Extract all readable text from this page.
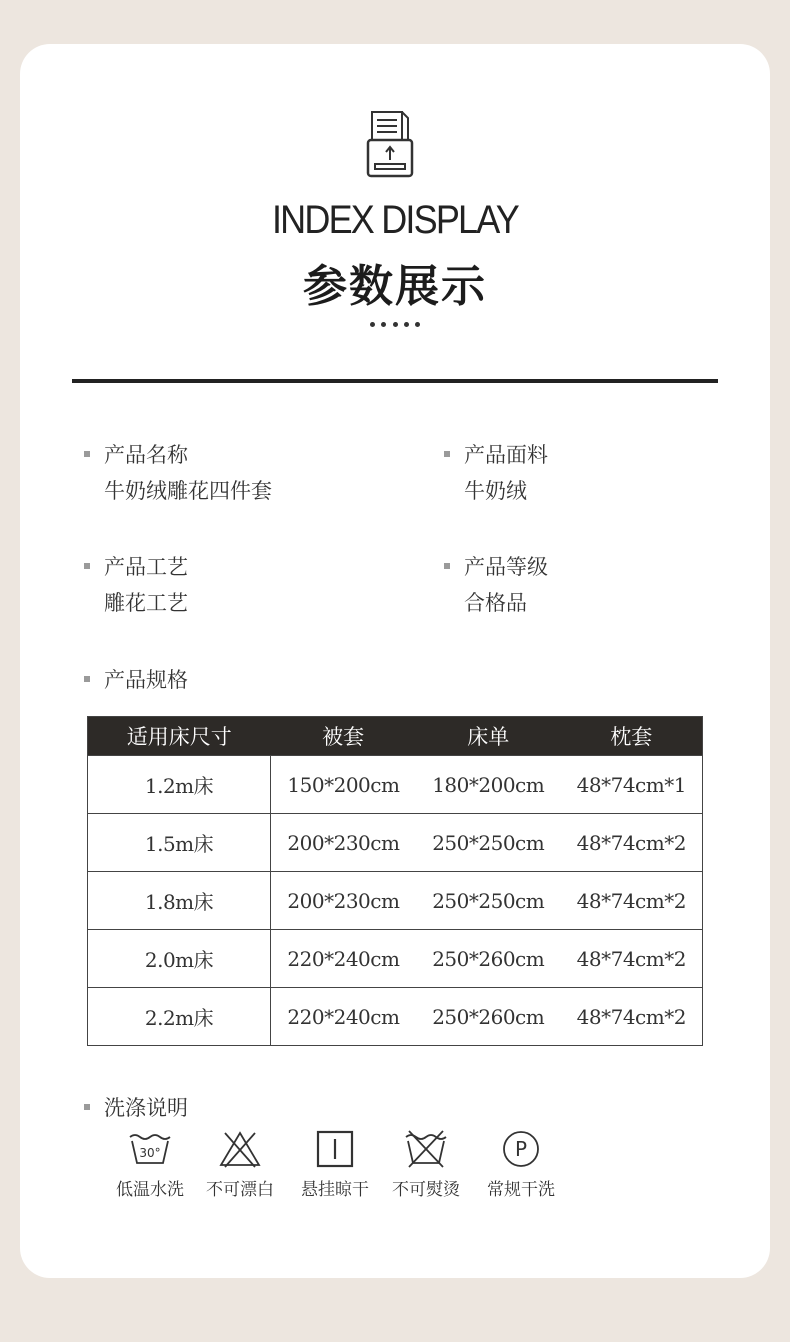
INDEX DISPLAY
参数展示
产品名称
牛奶绒雕花四件套
产品面料
牛奶绒
产品工艺
雕花工艺
产品等级
合格品
产品规格
适用床尺寸	被套	床单	枕套
1.2m床	150*200cm	180*200cm	48*74cm*1
1.5m床	200*230cm	250*250cm	48*74cm*2
1.8m床	200*230cm	250*250cm	48*74cm*2
2.0m床	220*240cm	250*260cm	48*74cm*2
2.2m床	220*240cm	250*260cm	48*74cm*2
洗涤说明
30°
低温水洗 不可漂白 悬挂晾干 不可熨烫
P
常规干洗
